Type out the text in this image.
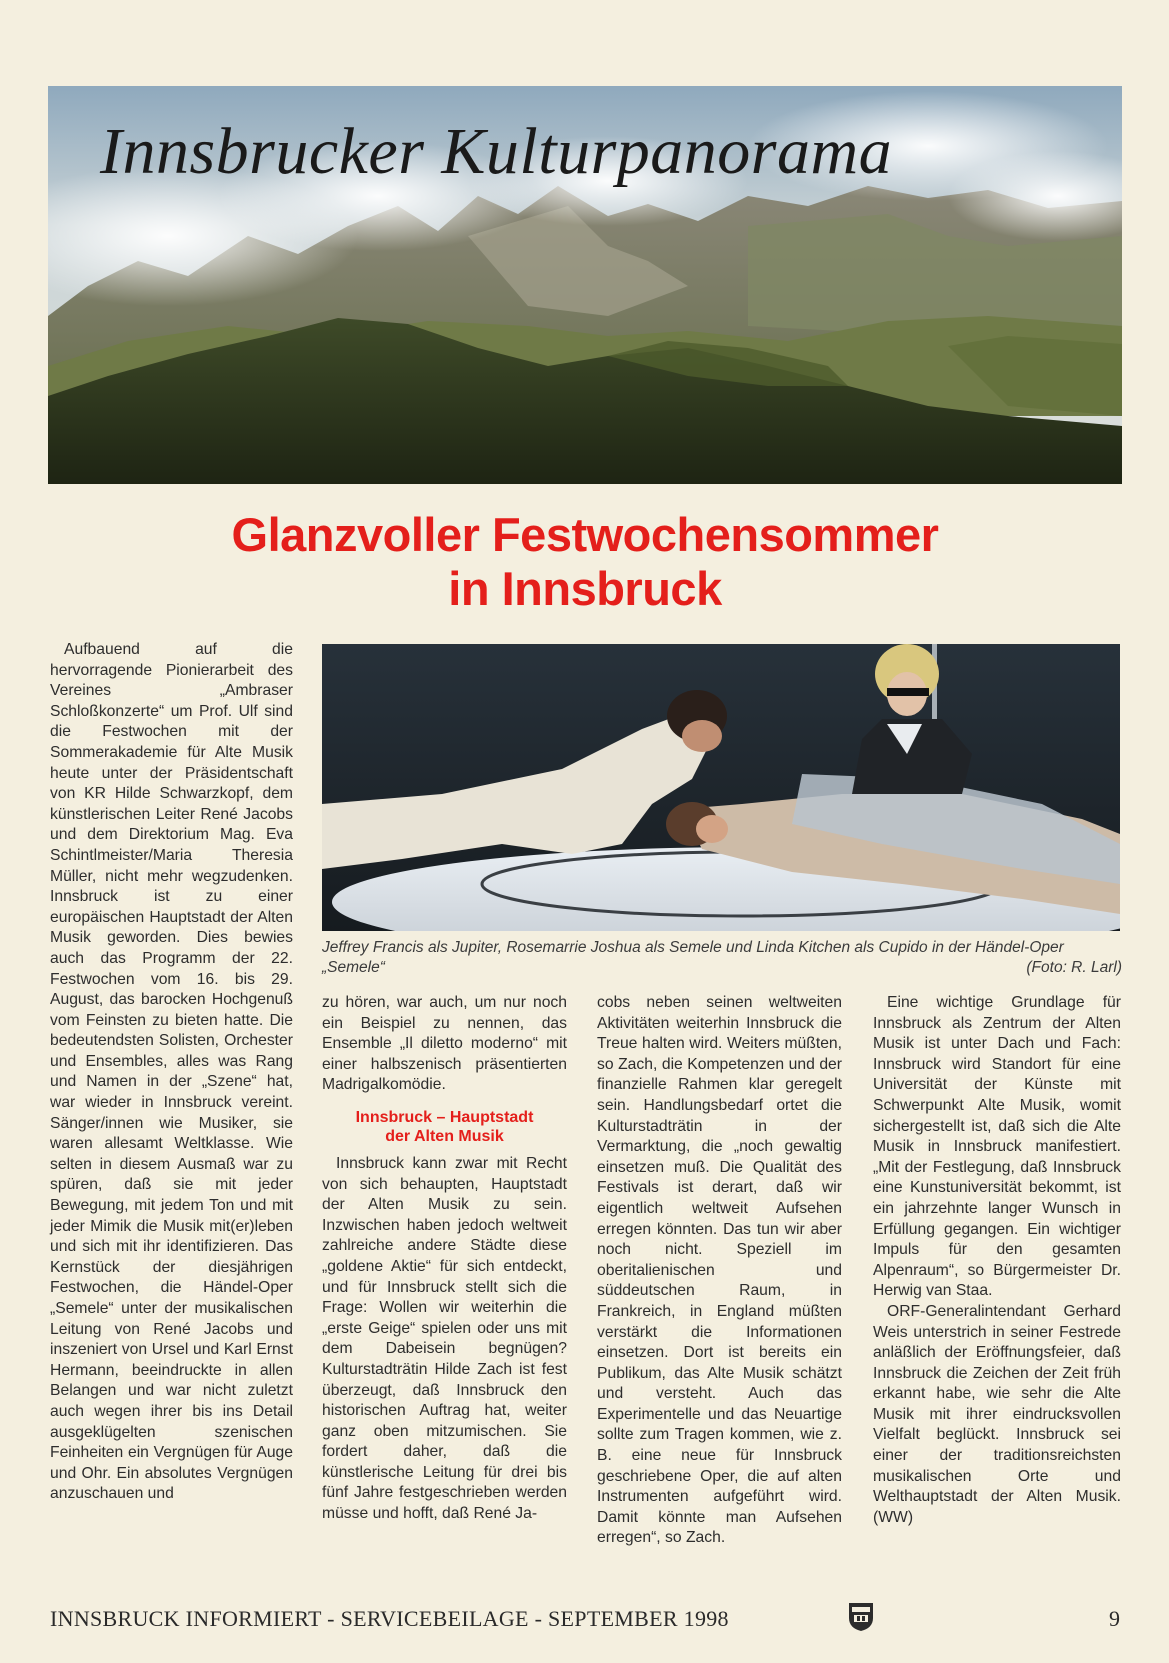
Innsbrucker Kulturpanorama
Glanzvoller Festwochensommer
in Innsbruck

Aufbauend auf die hervorragende Pionierarbeit des Vereines „Ambraser Schloßkonzerte“ um Prof. Ulf sind die Festwochen mit der Sommerakademie für Alte Musik heute unter der Präsidentschaft von KR Hilde Schwarzkopf, dem künstlerischen Leiter René Jacobs und dem Direktorium Mag. Eva Schintlmeister/Maria Theresia Müller, nicht mehr wegzudenken. Innsbruck ist zu einer europäischen Hauptstadt der Alten Musik geworden. Dies bewies auch das Programm der 22. Festwochen vom 16. bis 29. August, das barocken Hochgenuß vom Feinsten zu bieten hatte. Die bedeutendsten Solisten, Orchester und Ensembles, alles was Rang und Namen in der „Szene“ hat, war wieder in Innsbruck vereint. Sänger/innen wie Musiker, sie waren allesamt Weltklasse. Wie selten in diesem Ausmaß war zu spüren, daß sie mit jeder Bewegung, mit jedem Ton und mit jeder Mimik die Musik mit(er)leben und sich mit ihr identifizieren. Das Kernstück der diesjährigen Festwochen, die Händel-Oper „Semele“ unter der musikalischen Leitung von René Jacobs und inszeniert von Ursel und Karl Ernst Hermann, beeindruckte in allen Belangen und war nicht zuletzt auch wegen ihrer bis ins Detail ausgeklügelten szenischen Feinheiten ein Vergnügen für Auge und Ohr. Ein absolutes Vergnügen anzuschauen und

Jeffrey Francis als Jupiter, Rosemarrie Joshua als Semele und Linda Kitchen als Cupido in der Händel-Oper „Semele“	(Foto: R. Larl)

zu hören, war auch, um nur noch ein Beispiel zu nennen, das Ensemble „Il diletto moderno“ mit einer halbszenisch präsentierten Madrigalkomödie.

Innsbruck – Hauptstadt
der Alten Musik

Innsbruck kann zwar mit Recht von sich behaupten, Hauptstadt der Alten Musik zu sein. Inzwischen haben jedoch weltweit zahlreiche andere Städte diese „goldene Aktie“ für sich entdeckt, und für Innsbruck stellt sich die Frage: Wollen wir weiterhin die „erste Geige“ spielen oder uns mit dem Dabeisein begnügen? Kulturstadträtin Hilde Zach ist fest überzeugt, daß Innsbruck den historischen Auftrag hat, weiter ganz oben mitzumischen. Sie fordert daher, daß die künstlerische Leitung für drei bis fünf Jahre festgeschrieben werden müsse und hofft, daß René Ja-

cobs neben seinen weltweiten Aktivitäten weiterhin Innsbruck die Treue halten wird. Weiters müßten, so Zach, die Kompetenzen und der finanzielle Rahmen klar geregelt sein. Handlungsbedarf ortet die Kulturstadträtin in der Vermarktung, die „noch gewaltig einsetzen muß. Die Qualität des Festivals ist derart, daß wir eigentlich weltweit Aufsehen erregen könnten. Das tun wir aber noch nicht. Speziell im oberitalienischen und süddeutschen Raum, in Frankreich, in England müßten verstärkt die Informationen einsetzen. Dort ist bereits ein Publikum, das Alte Musik schätzt und versteht. Auch das Experimentelle und das Neuartige sollte zum Tragen kommen, wie z. B. eine neue für Innsbruck geschriebene Oper, die auf alten Instrumenten aufgeführt wird. Damit könnte man Aufsehen erregen“, so Zach.

Eine wichtige Grundlage für Innsbruck als Zentrum der Alten Musik ist unter Dach und Fach: Innsbruck wird Standort für eine Universität der Künste mit Schwerpunkt Alte Musik, womit sichergestellt ist, daß sich die Alte Musik in Innsbruck manifestiert. „Mit der Festlegung, daß Innsbruck eine Kunstuniversität bekommt, ist ein jahrzehnte langer Wunsch in Erfüllung gegangen. Ein wichtiger Impuls für den gesamten Alpenraum“, so Bürgermeister Dr. Herwig van Staa.

ORF-Generalintendant Gerhard Weis unterstrich in seiner Festrede anläßlich der Eröffnungsfeier, daß Innsbruck die Zeichen der Zeit früh erkannt habe, wie sehr die Alte Musik mit ihrer eindrucksvollen Vielfalt beglückt. Innsbruck sei einer der traditionsreichsten musikalischen Orte und Welthauptstadt der Alten Musik. (WW)

INNSBRUCK INFORMIERT - SERVICEBEILAGE - SEPTEMBER 1998	9
